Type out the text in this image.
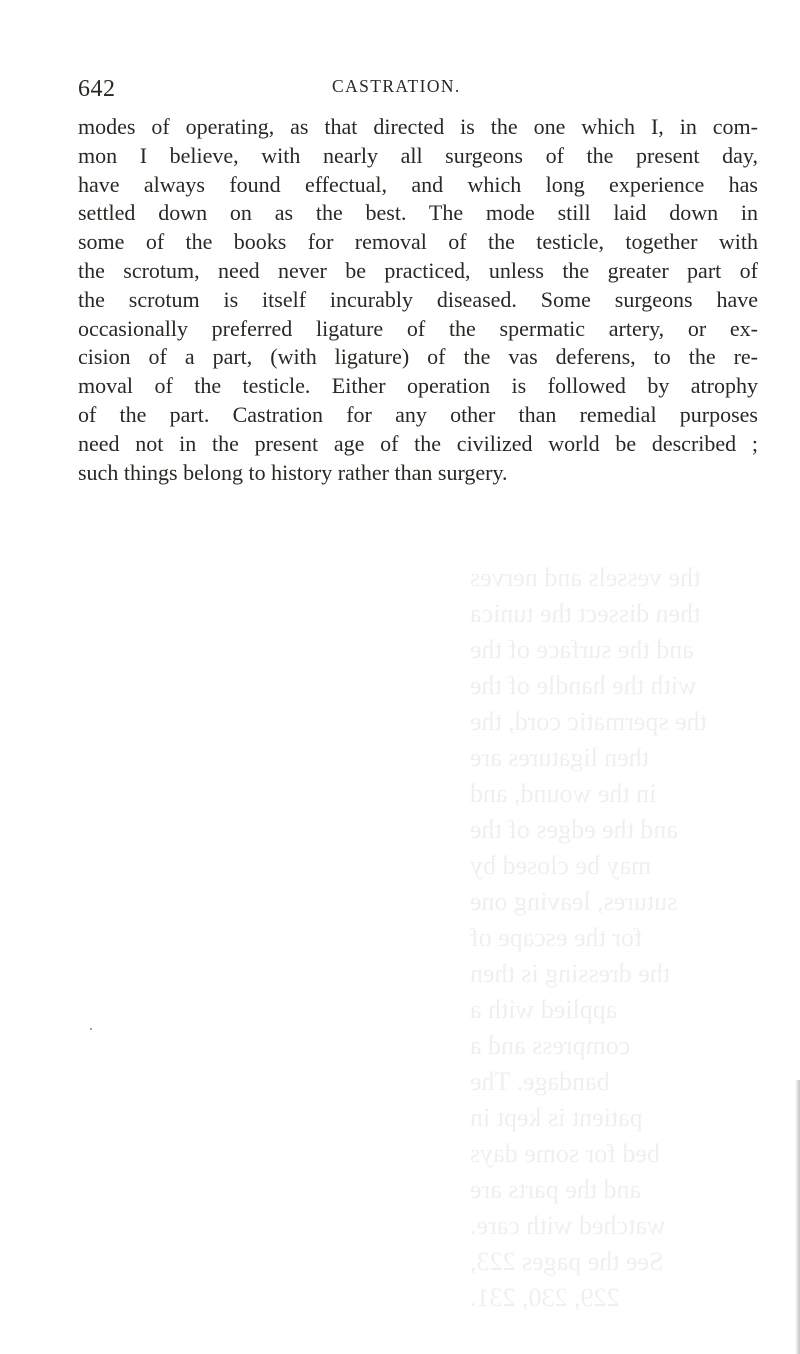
the vessels and nerves
then dissect the tunica
and the surface of the
with the handle of the
the spermatic cord, the
then ligatures are
in the wound, and
and the edges of the
may be closed by
sutures, leaving one
for the escape of
the dressing is then
applied with a
compress and a
bandage. The
patient is kept in
bed for some days
and the parts are
watched with care.
See the pages 223,
229, 230, 231.
642	CASTRATION.
modes of operating, as that directed is the one which I, in com-
mon I believe, with nearly all surgeons of the present day,
have always found effectual, and which long experience has
settled down on as the best. The mode still laid down in
some of the books for removal of the testicle, together with
the scrotum, need never be practiced, unless the greater part of
the scrotum is itself incurably diseased. Some surgeons have
occasionally preferred ligature of the spermatic artery, or ex-
cision of a part, (with ligature) of the vas deferens, to the re-
moval of the testicle. Either operation is followed by atrophy
of the part. Castration for any other than remedial purposes
need not in the present age of the civilized world be described ;
such things belong to history rather than surgery.
